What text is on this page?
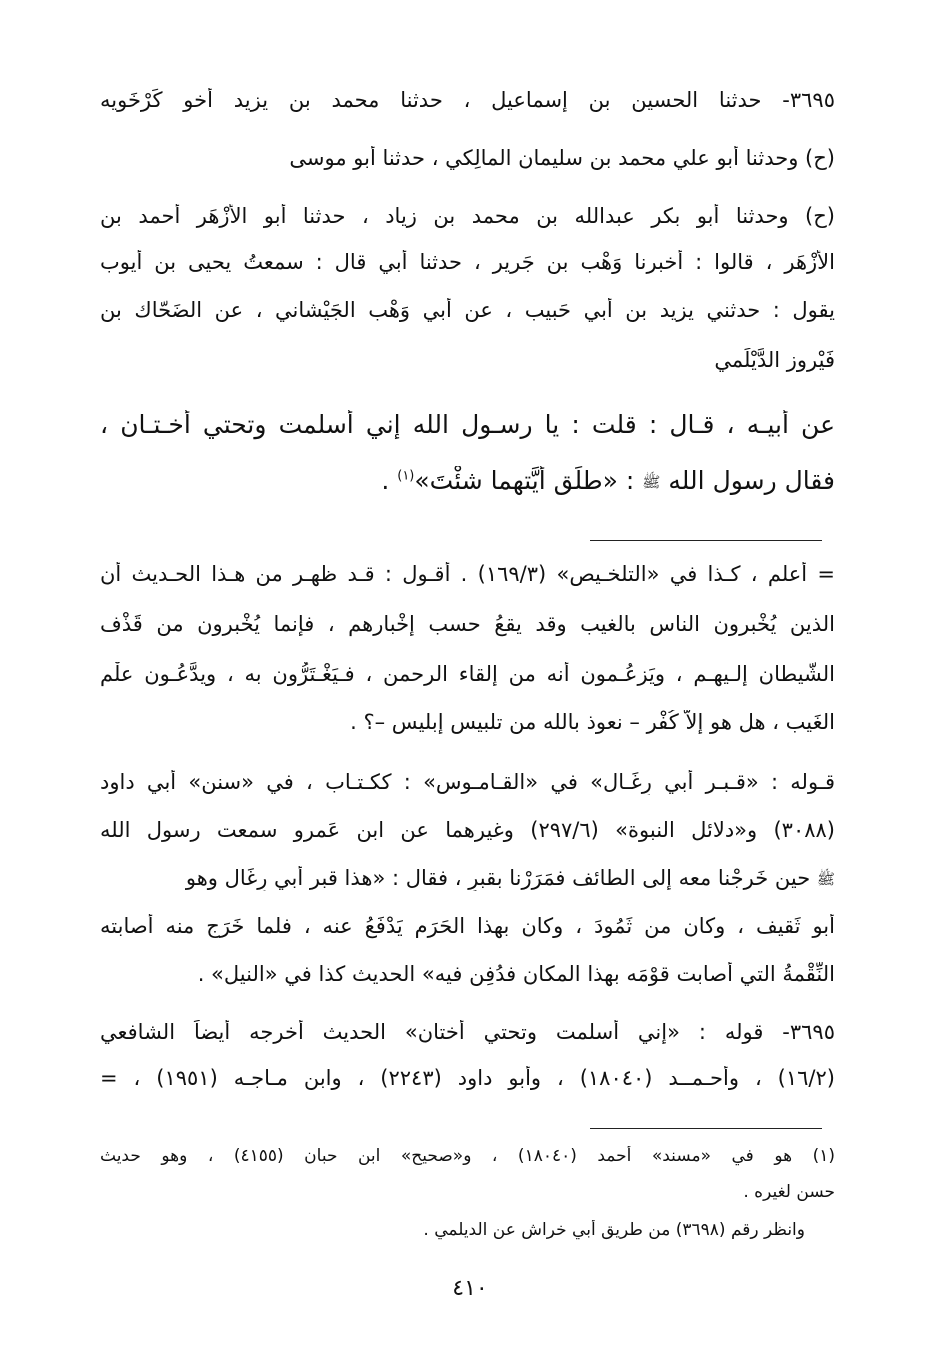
٣٦٩٥- حدثنا الحسين بن إسماعيل ، حدثنا محمد بن يزيد أخو كَرْخَويه
(ح) وحدثنا أبو علي محمد بن سليمان المالِكي ، حدثنا أبو موسى
(ح) وحدثنا أبو بكر عبدالله بن محمد بن زياد ، حدثنا أبو الأزْهَر أحمد بن
الأزْهَر ، قالوا : أخبرنا وَهْب بن جَرير ، حدثنا أبي قال : سمعتُ يحيى بن أيوب
يقول : حدثني يزيد بن أبي حَبيب ، عن أبي وَهْب الجَيْشاني ، عن الضَحّاك بن
فَيْروز الدَّيْلَمي
عن أبيـه ، قـال : قلت : يا رسـول الله إني أسلمت وتحتي أُخـتـان ،
فقال رسول الله ﷺ : «طلِّق أيَّتهما شئْتَ»$^{(١)}$ .
= أعلم ، كـذا في «التلخـيص» (١٦٩/٣) . أقـول : قـد ظهـر من هـذا الحـديث أن
الذين يُخْبرون الناس بالغيب وقد يقعُ حسب إخْبارهم ، فإنما يُخْبرون من قَذْف
الشّيطان إلـيهـم ، ويَزعُـمون أنه من إلقاء الرحمن ، فـيَغْـتَرُّون به ، ويدَّعُـون علْم
الغَيب ، هل هو إلاّ كُفْر – نعوذ بالله من تلبيس إبليس –؟ .
قـوله : «قـبـر أبي رِغَـال» في «القـامـوس» : ككـتـاب ، في «سنن» أبي داود
(٣٠٨٨) و«دلائل النبوة» (٢٩٧/٦) وغيرهما عن ابن عَمرو سمعت رسول الله
ﷺ حين خَرجْنا معه إلى الطائف فمَرَرْنا بقبرٍ ، فقال : «هذا قبر أبي رِغَال وهو
أبو ثَقيف ، وكان من ثَمُودَ ، وكان بهذا الحَرَم يَدْفَعُ عنه ، فلما خَرَج منه أصابته
النِّقْمةُ التي أصابت قوْمَه بهذا المكان فدُفِن فيه» الحديث كذا في «النيل» .
٣٦٩٥- قوله : «إني أسلمت وتحتي أُختان» الحديث أخرجه أيضاً الشافعي
(١٦/٢) ، وأحـمــد (١٨٠٤٠) ، وأبو داود (٢٢٤٣) ، وابن مـاجـه (١٩٥١) ، =
(١) هو في «مسند» أحمد (١٨٠٤٠) ، و«صحيح» ابن حبان (٤١٥٥) ، وهو حديث
حسن لغيره .
وانظر رقم (٣٦٩٨) من طريق أبي خراش عن الديلمي .
٤١٠
